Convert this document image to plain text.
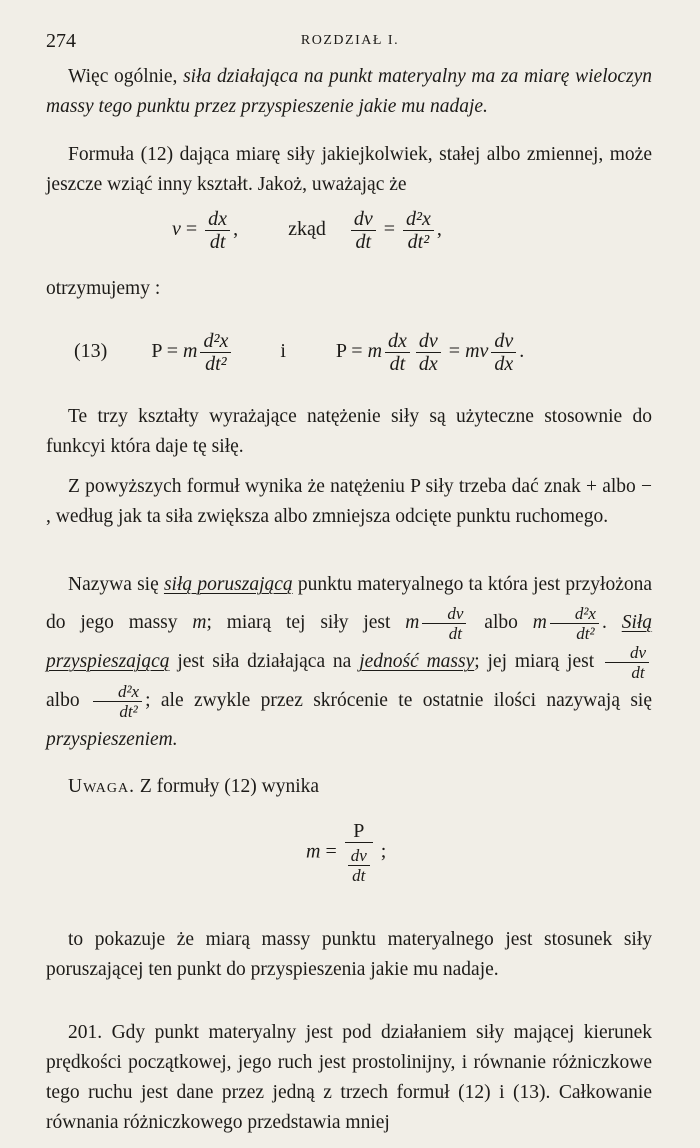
274	ROZDZIAŁ I.
Więc ogólnie, siła działająca na punkt materyalny ma za miarę wieloczyn massy tego punktu przez przyspieszenie jakie mu nadaje.
Formuła (12) dająca miarę siły jakiejkolwiek, stałej albo zmiennej, może jeszcze wziąć inny kształt. Jakoż, uważając że
$v = \frac{dx}{dt}$ ,  zkąd $\frac{dv}{dt} = \frac{\text{d²x}}{\text{dt²}}$ ,
otrzymujemy :
(13) P = m $\frac{\text{d²x}}{\text{dt²}}$ i	P = m $\frac{dx}{dt} \frac{dv}{dx}$ = mv $\frac{dv}{dx}$ .
Te trzy kształty wyrażające natężenie siły są użyteczne stosownie do funkcyi która daje tę siłę.
Z powyższych formuł wynika że natężeniu P siły trzeba dać znak + albo − , według jak ta siła zwiększa albo zmniejsza odcięte punktu ruchomego.
Nazywa się siłą poruszającą punktu materyalnego ta która jest przyłożona do jego massy m; miarą tej siły jest m $\frac{dv}{dt}$ albo m $\frac{\text{d²x}}{\text{dt²}}$ . Siłą przyspieszającą jest siła działająca na jedność massy; jej miarą jest $\frac{dv}{dt}$
albo $\frac{\text{d²x}}{\text{dt²}}$ ; ale zwykle przez skrócenie te ostatnie ilości nazywają się przyspieszeniem.
Uwaga. Z formuły (12) wynika
$m = \frac{P}{\frac{dv}{dt}}$ ;
to pokazuje że miarą massy punktu materyalnego jest stosunek siły poruszającej ten punkt do przyspieszenia jakie mu nadaje.
201. Gdy punkt materyalny jest pod działaniem siły mającej kierunek prędkości początkowej, jego ruch jest prostolinijny, i równanie różniczkowe tego ruchu jest dane przez jedną z trzech formuł (12) i (13). Całkowanie równania różniczkowego przedstawia mniej
